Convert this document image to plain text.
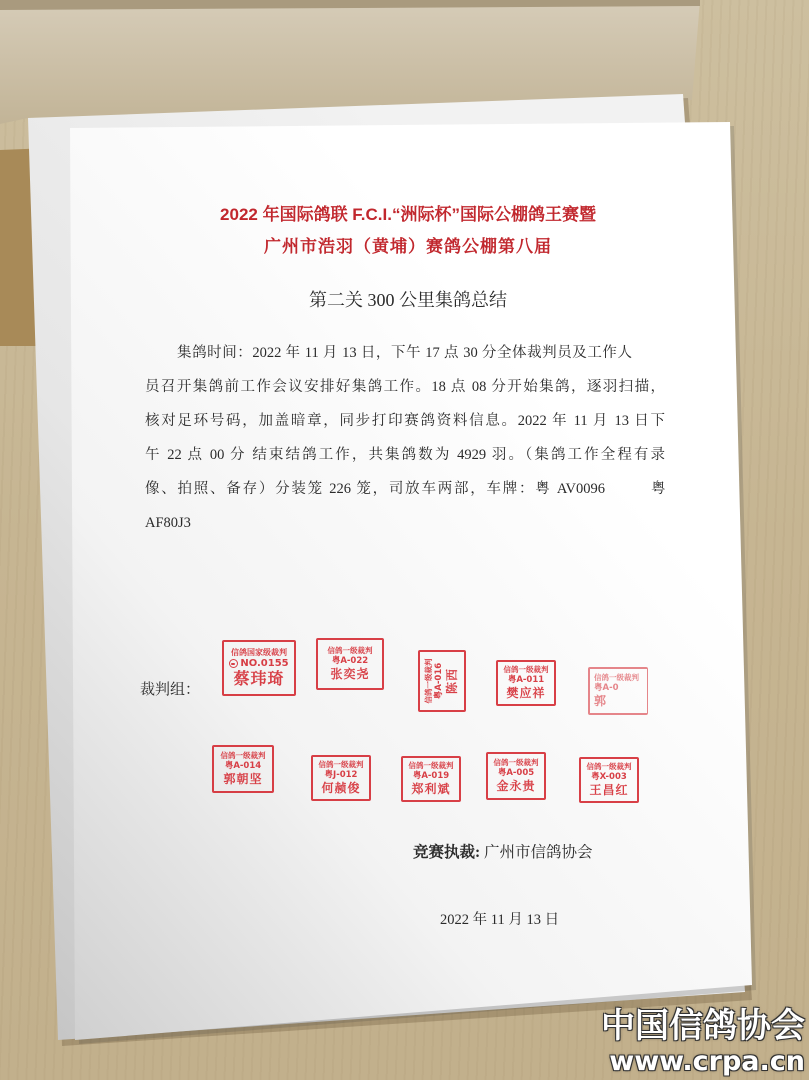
2022 年国际鸽联 F.C.I.“洲际杯”国际公棚鸽王赛暨
广州市浩羽（黄埔）赛鸽公棚第八届
第二关 300 公里集鸽总结
集鸽时间：2022 年 11 月 13 日，下午 17 点 30 分全体裁判员及工作人
员召开集鸽前工作会议安排好集鸽工作。18 点 08 分开始集鸽，逐羽扫描，
核对足环号码，加盖暗章，同步打印赛鸽资料信息。2022 年 11 月 13 日下
午 22 点 00 分 结束结鸽工作，共集鸽数为 4929 羽。（集鸽工作全程有录
像、拍照、备存）分装笼 226 笼，司放车两部，车牌：粤 AV0096	粤
AF80J3
裁判组：
信鸽国家级裁判
NO.0155
蔡玮琦
信鸽一级裁判
粤A-022
张奕尧	信鸽一级裁判 粤A-016 陈西	信鸽一级裁判
粤A-011
樊应祥
信鸽一级裁判
粤A-0
郭
信鸽一级裁判
粤A-014
郭朝坚
信鸽一级裁判
粤J-012
何赪俊
信鸽一级裁判
粤A-019
郑利斌
信鸽一级裁判
粤A-005
金永贵
信鸽一级裁判
粤X-003
王昌红
竞赛执裁: 广州市信鸽协会
2022 年 11 月 13 日
中国信鸽协会
www.crpa.cn
